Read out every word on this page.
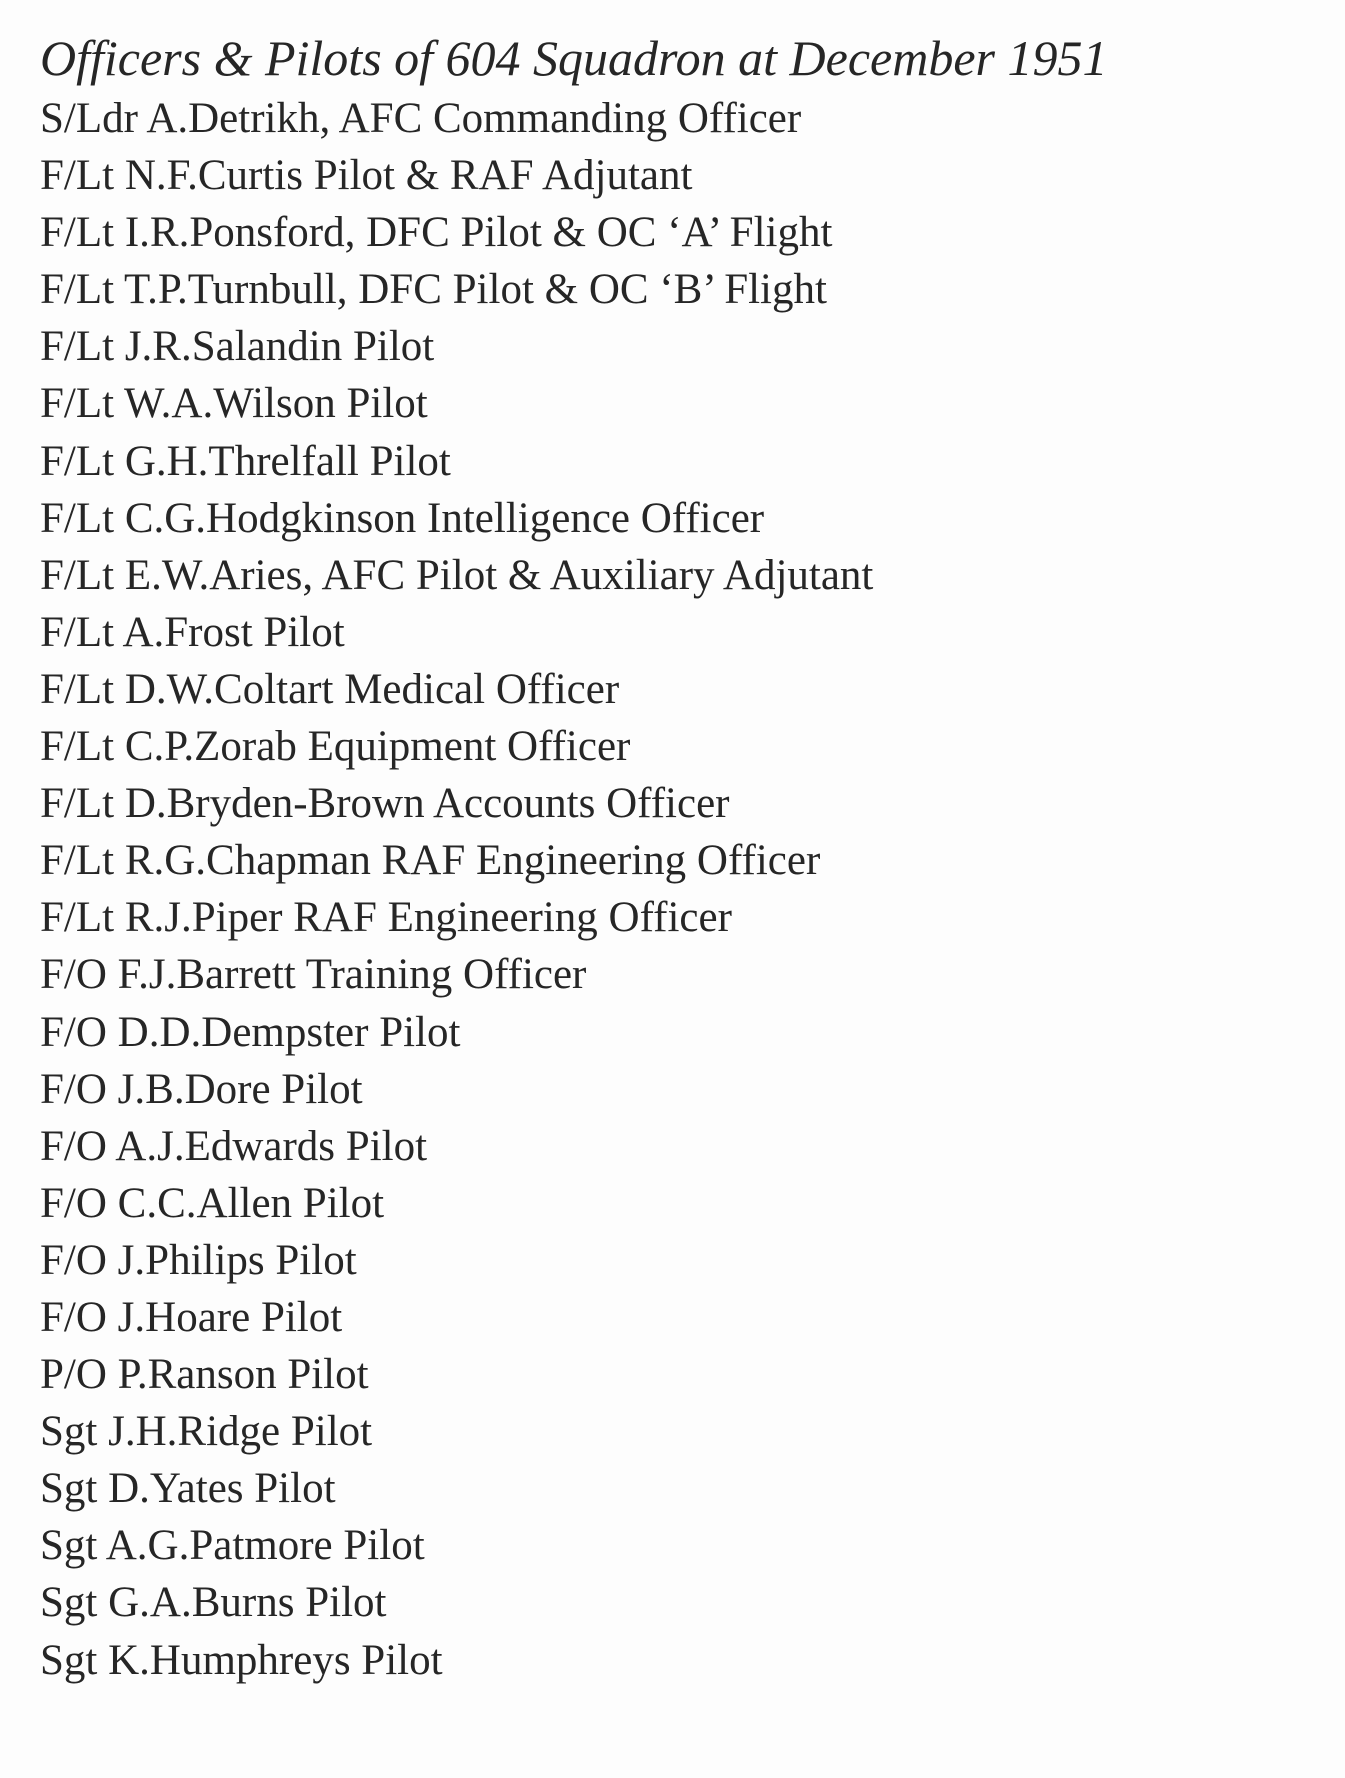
Officers & Pilots of 604 Squadron at December 1951
S/Ldr A.Detrikh, AFC Commanding Officer
F/Lt N.F.Curtis Pilot & RAF Adjutant
F/Lt I.R.Ponsford, DFC Pilot & OC ‘A’ Flight
F/Lt T.P.Turnbull, DFC Pilot & OC ‘B’ Flight
F/Lt J.R.Salandin Pilot
F/Lt W.A.Wilson Pilot
F/Lt G.H.Threlfall Pilot
F/Lt C.G.Hodgkinson Intelligence Officer
F/Lt E.W.Aries, AFC Pilot & Auxiliary Adjutant
F/Lt A.Frost Pilot
F/Lt D.W.Coltart Medical Officer
F/Lt C.P.Zorab Equipment Officer
F/Lt D.Bryden-Brown Accounts Officer
F/Lt R.G.Chapman RAF Engineering Officer
F/Lt R.J.Piper RAF Engineering Officer
F/O F.J.Barrett Training Officer
F/O D.D.Dempster Pilot
F/O J.B.Dore Pilot
F/O A.J.Edwards Pilot
F/O C.C.Allen Pilot
F/O J.Philips Pilot
F/O J.Hoare Pilot
P/O P.Ranson Pilot
Sgt J.H.Ridge Pilot
Sgt D.Yates Pilot
Sgt A.G.Patmore Pilot
Sgt G.A.Burns Pilot
Sgt K.Humphreys Pilot
